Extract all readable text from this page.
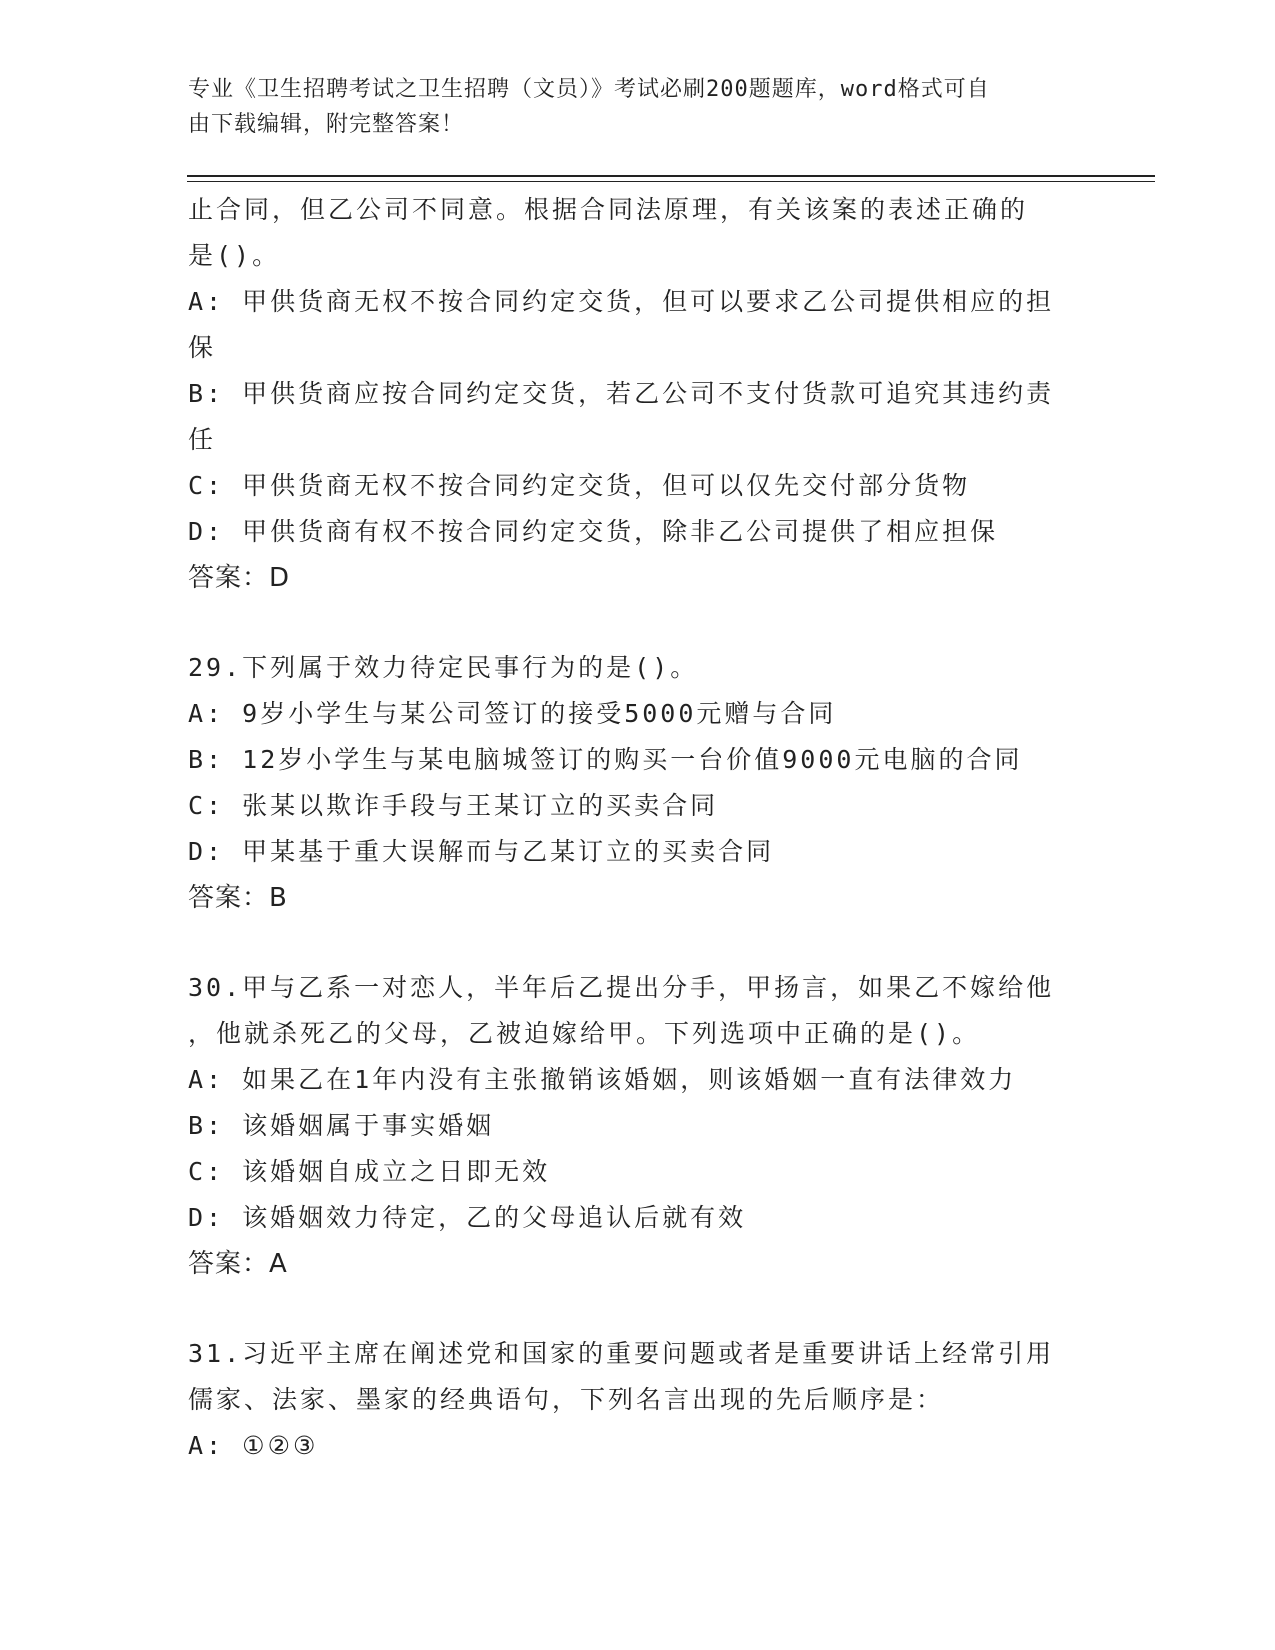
专业《卫生招聘考试之卫生招聘（文员）》考试必刷200题题库，word格式可自
由下载编辑，附完整答案！
止合同，但乙公司不同意。根据合同法原理，有关该案的表述正确的
是()。
A: 甲供货商无权不按合同约定交货，但可以要求乙公司提供相应的担
保
B: 甲供货商应按合同约定交货，若乙公司不支付货款可追究其违约责
任
C: 甲供货商无权不按合同约定交货，但可以仅先交付部分货物
D: 甲供货商有权不按合同约定交货，除非乙公司提供了相应担保
答案：D
29.下列属于效力待定民事行为的是()。
A: 9岁小学生与某公司签订的接受5000元赠与合同
B: 12岁小学生与某电脑城签订的购买一台价值9000元电脑的合同
C: 张某以欺诈手段与王某订立的买卖合同
D: 甲某基于重大误解而与乙某订立的买卖合同
答案：B
30.甲与乙系一对恋人，半年后乙提出分手，甲扬言，如果乙不嫁给他
，他就杀死乙的父母，乙被迫嫁给甲。下列选项中正确的是()。
A: 如果乙在1年内没有主张撤销该婚姻，则该婚姻一直有法律效力
B: 该婚姻属于事实婚姻
C: 该婚姻自成立之日即无效
D: 该婚姻效力待定，乙的父母追认后就有效
答案：A
31.习近平主席在阐述党和国家的重要问题或者是重要讲话上经常引用
儒家、法家、墨家的经典语句，下列名言出现的先后顺序是：
A: ①②③
